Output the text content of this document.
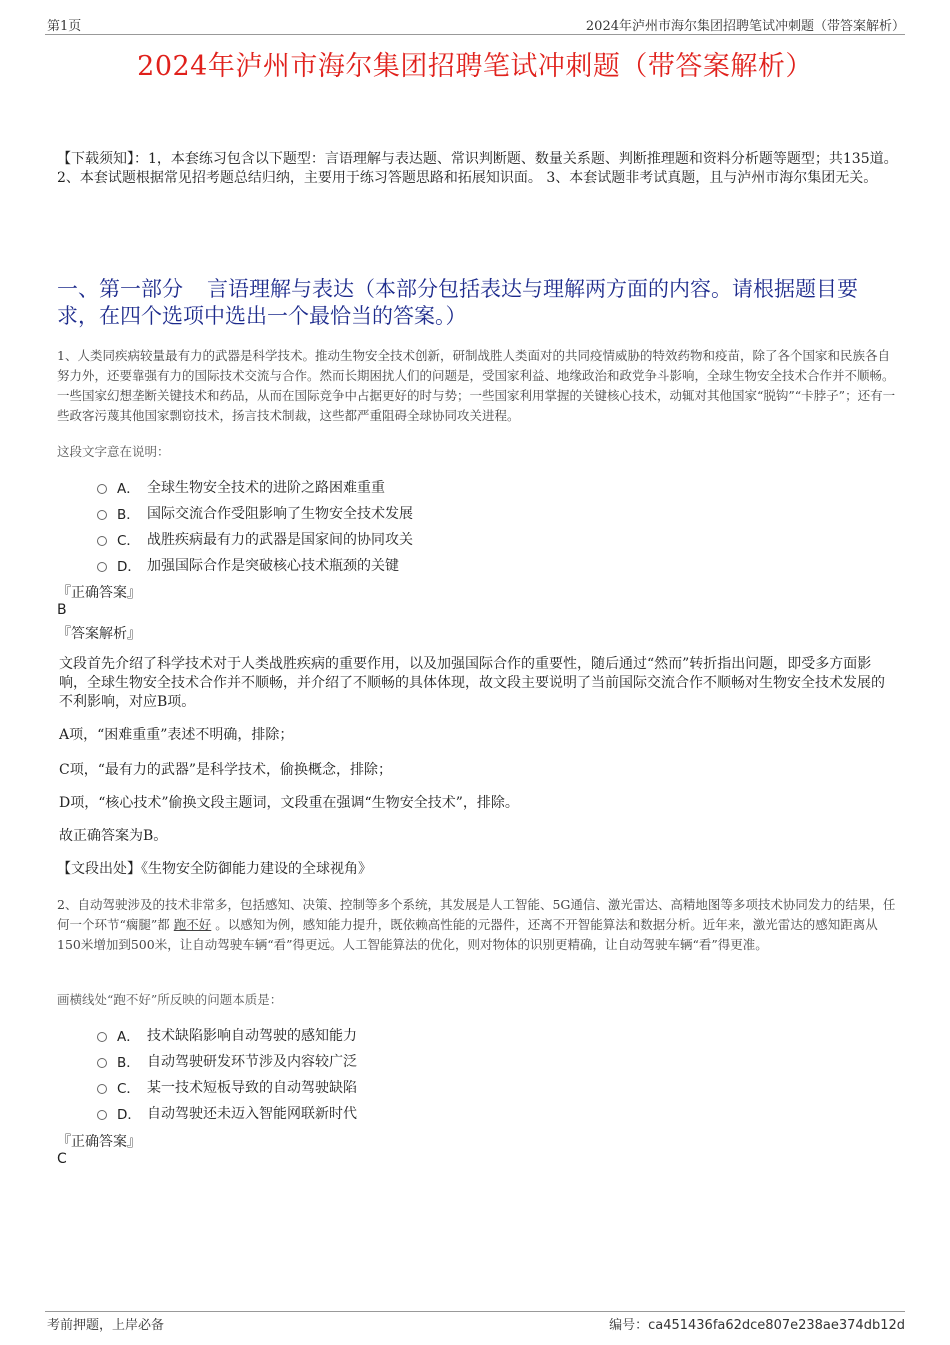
第1页	2024年泸州市海尔集团招聘笔试冲刺题（带答案解析）
2024年泸州市海尔集团招聘笔试冲刺题（带答案解析）
【下载须知】：1，本套练习包含以下题型：言语理解与表达题、常识判断题、数量关系题、判断推理题和资料分析题等题型；共135道。 2、本套试题根据常见招考题总结归纳，主要用于练习答题思路和拓展知识面。 3、本套试题非考试真题，且与泸州市海尔集团无关。
一、第一部分 言语理解与表达（本部分包括表达与理解两方面的内容。请根据题目要求，在四个选项中选出一个最恰当的答案。）
1、人类同疾病较量最有力的武器是科学技术。推动生物安全技术创新，研制战胜人类面对的共同疫情威胁的特效药物和疫苗，除了各个国家和民族各自努力外，还要靠强有力的国际技术交流与合作。然而长期困扰人们的问题是，受国家利益、地缘政治和政党争斗影响，全球生物安全技术合作并不顺畅。一些国家幻想垄断关键技术和药品，从而在国际竞争中占据更好的时与势；一些国家利用掌握的关键核心技术，动辄对其他国家“脱钩”“卡脖子”；还有一些政客污蔑其他国家剽窃技术，扬言技术制裁，这些都严重阻碍全球协同攻关进程。
这段文字意在说明：
A． 全球生物安全技术的进阶之路困难重重
B． 国际交流合作受阻影响了生物安全技术发展
C． 战胜疾病最有力的武器是国家间的协同攻关
D． 加强国际合作是突破核心技术瓶颈的关键
『正确答案』
B
『答案解析』
文段首先介绍了科学技术对于人类战胜疾病的重要作用，以及加强国际合作的重要性，随后通过“然而”转折指出问题，即受多方面影响，全球生物安全技术合作并不顺畅，并介绍了不顺畅的具体体现，故文段主要说明了当前国际交流合作不顺畅对生物安全技术发展的不利影响，对应B项。
A项，“困难重重”表述不明确，排除；
C项，“最有力的武器”是科学技术，偷换概念，排除；
D项，“核心技术”偷换文段主题词，文段重在强调“生物安全技术”，排除。
故正确答案为B。
【文段出处】《生物安全防御能力建设的全球视角》
2、自动驾驶涉及的技术非常多，包括感知、决策、控制等多个系统，其发展是人工智能、5G通信、激光雷达、高精地图等多项技术协同发力的结果，任何一个环节“瘸腿”都 跑不好 。以感知为例，感知能力提升，既依赖高性能的元器件，还离不开智能算法和数据分析。近年来，激光雷达的感知距离从150米增加到500米，让自动驾驶车辆“看”得更远。人工智能算法的优化，则对物体的识别更精确，让自动驾驶车辆“看”得更准。
画横线处“跑不好”所反映的问题本质是：
A． 技术缺陷影响自动驾驶的感知能力
B． 自动驾驶研发环节涉及内容较广泛
C． 某一技术短板导致的自动驾驶缺陷
D． 自动驾驶还未迈入智能网联新时代
『正确答案』
C
考前押题，上岸必备	编号：ca451436fa62dce807e238ae374db12d
